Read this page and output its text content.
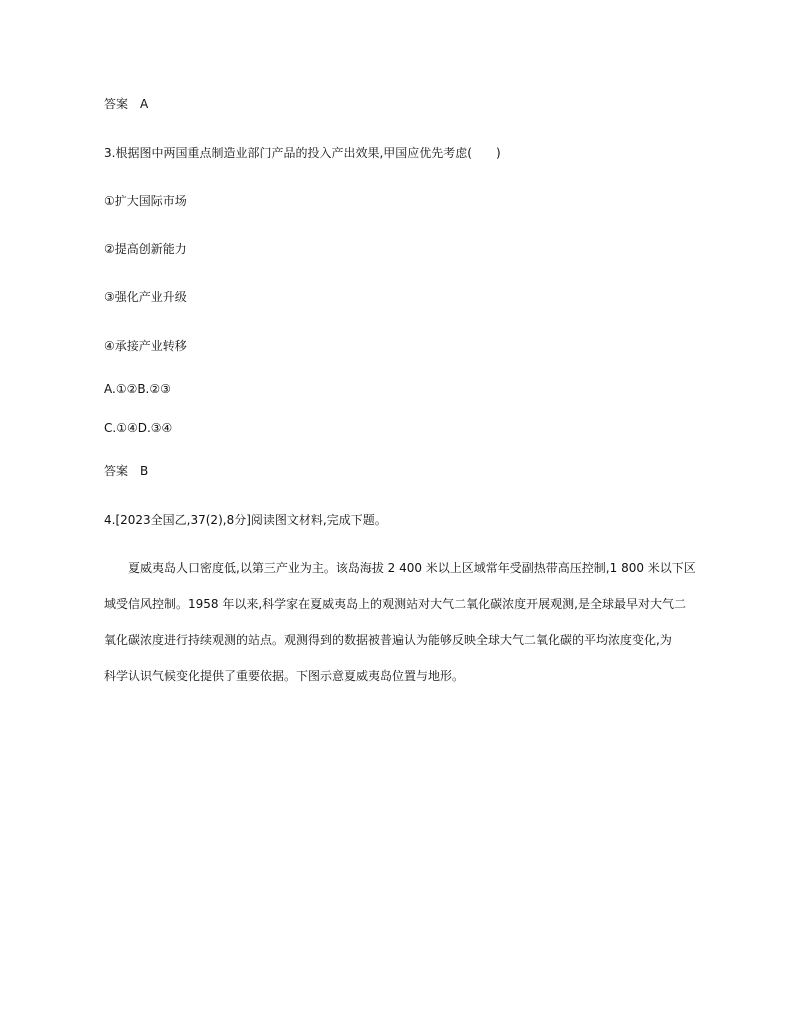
答案 A
3.根据图中两国重点制造业部门产品的投入产出效果,甲国应优先考虑(　　)
①扩大国际市场
②提高创新能力
③强化产业升级
④承接产业转移
A.①②B.②③
C.①④D.③④
答案 B
4.[2023全国乙,37(2),8分]阅读图文材料,完成下题。
　　夏威夷岛人口密度低,以第三产业为主。该岛海拔 2 400 米以上区域常年受副热带高压控制,1 800 米以下区
域受信风控制。1958 年以来,科学家在夏威夷岛上的观测站对大气二氧化碳浓度开展观测,是全球最早对大气二
氧化碳浓度进行持续观测的站点。观测得到的数据被普遍认为能够反映全球大气二氧化碳的平均浓度变化,为
科学认识气候变化提供了重要依据。下图示意夏威夷岛位置与地形。
